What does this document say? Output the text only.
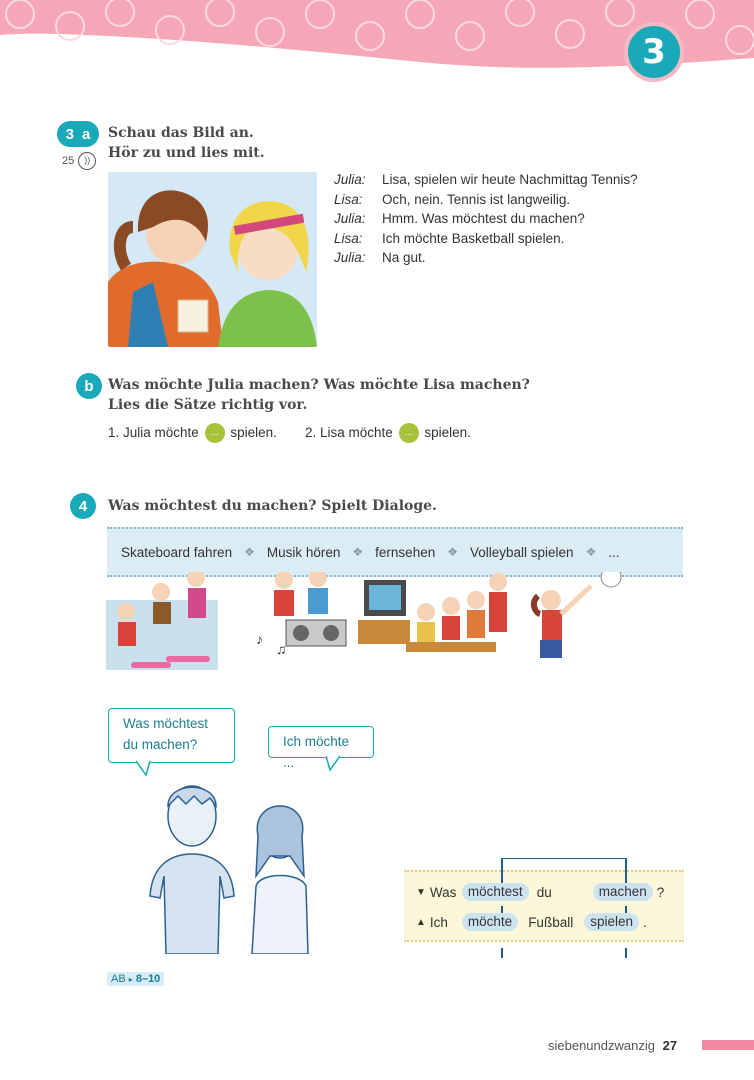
3
3 a
25	))
Schau das Bild an.
Hör zu und lies mit.
Julia:	Lisa, spielen wir heute Nachmittag Tennis?
Lisa:	Och, nein. Tennis ist langweilig.
Julia:	Hmm. Was möchtest du machen?
Lisa:	Ich möchte Basketball spielen.
Julia:	Na gut.
b	Was möchte Julia machen? Was möchte Lisa machen?
Lies die Sätze richtig vor.
1. Julia möchte ... spielen. 2. Lisa möchte ... spielen.
4	Was möchtest du machen? Spielt Dialoge.
Skateboard fahren ❖ Musik hören ❖ fernsehen ❖ Volleyball spielen ❖ ...
♪
♫
Was möchtest
du machen?	Ich möchte ...
▼ Was möchtest	du	machen ?
▲ Ich	möchte	Fußball	spielen .
AB ▸ 8–10
siebenundzwanzig 27
